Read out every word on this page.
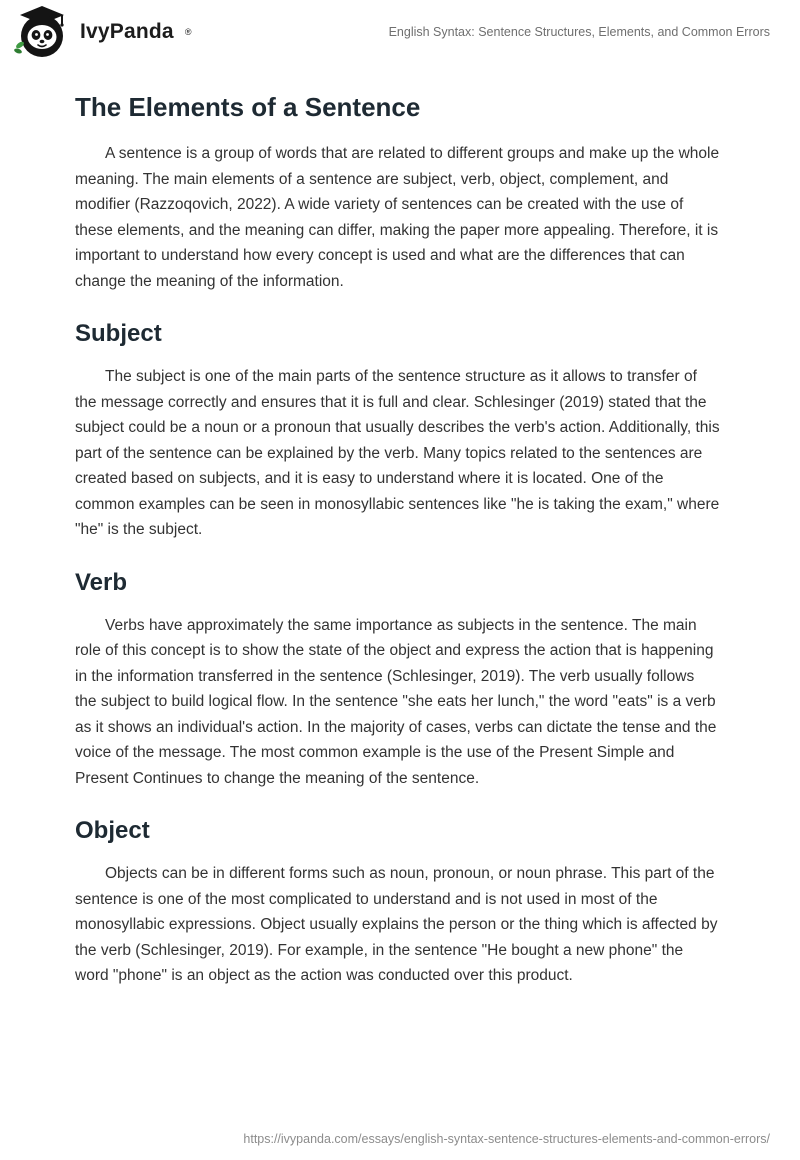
IvyPanda ®	English Syntax: Sentence Structures, Elements, and Common Errors
The Elements of a Sentence

A sentence is a group of words that are related to different groups and make up the whole meaning. The main elements of a sentence are subject, verb, object, complement, and modifier (Razzoqovich, 2022). A wide variety of sentences can be created with the use of these elements, and the meaning can differ, making the paper more appealing. Therefore, it is important to understand how every concept is used and what are the differences that can change the meaning of the information.

Subject

The subject is one of the main parts of the sentence structure as it allows to transfer of the message correctly and ensures that it is full and clear. Schlesinger (2019) stated that the subject could be a noun or a pronoun that usually describes the verb's action. Additionally, this part of the sentence can be explained by the verb. Many topics related to the sentences are created based on subjects, and it is easy to understand where it is located. One of the common examples can be seen in monosyllabic sentences like "he is taking the exam," where "he" is the subject.

Verb

Verbs have approximately the same importance as subjects in the sentence. The main role of this concept is to show the state of the object and express the action that is happening in the information transferred in the sentence (Schlesinger, 2019). The verb usually follows the subject to build logical flow. In the sentence "she eats her lunch," the word "eats" is a verb as it shows an individual's action. In the majority of cases, verbs can dictate the tense and the voice of the message. The most common example is the use of the Present Simple and Present Continues to change the meaning of the sentence.

Object

Objects can be in different forms such as noun, pronoun, or noun phrase. This part of the sentence is one of the most complicated to understand and is not used in most of the monosyllabic expressions. Object usually explains the person or the thing which is affected by the verb (Schlesinger, 2019). For example, in the sentence "He bought a new phone" the word "phone" is an object as the action was conducted over this product.

https://ivypanda.com/essays/english-syntax-sentence-structures-elements-and-common-errors/
